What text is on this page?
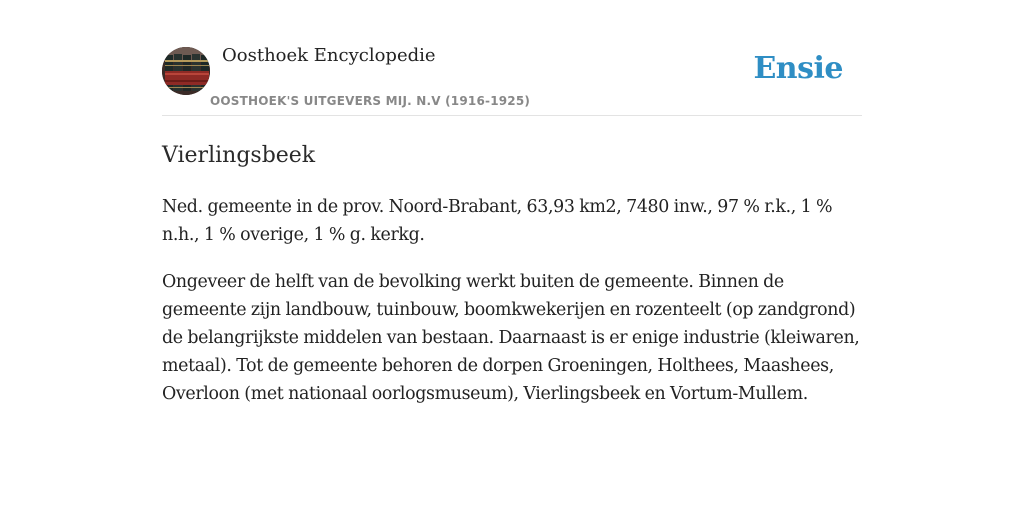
Oosthoek Encyclopedie
OOSTHOEK'S UITGEVERS MIJ. N.V (1916-1925)
Ensie
Vierlingsbeek

Ned. gemeente in de prov. Noord-Brabant, 63,93 km2, 7480 inw., 97 % r.k., 1 % n.h., 1 % overige, 1 % g. kerkg.

Ongeveer de helft van de bevolking werkt buiten de gemeente. Binnen de gemeente zijn landbouw, tuinbouw, boomkwekerijen en rozenteelt (op zandgrond) de belangrijkste middelen van bestaan. Daarnaast is er enige industrie (kleiwaren, metaal). Tot de gemeente behoren de dorpen Groeningen, Holthees, Maashees, Overloon (met nationaal oorlogsmuseum), Vierlingsbeek en Vortum-Mullem.
